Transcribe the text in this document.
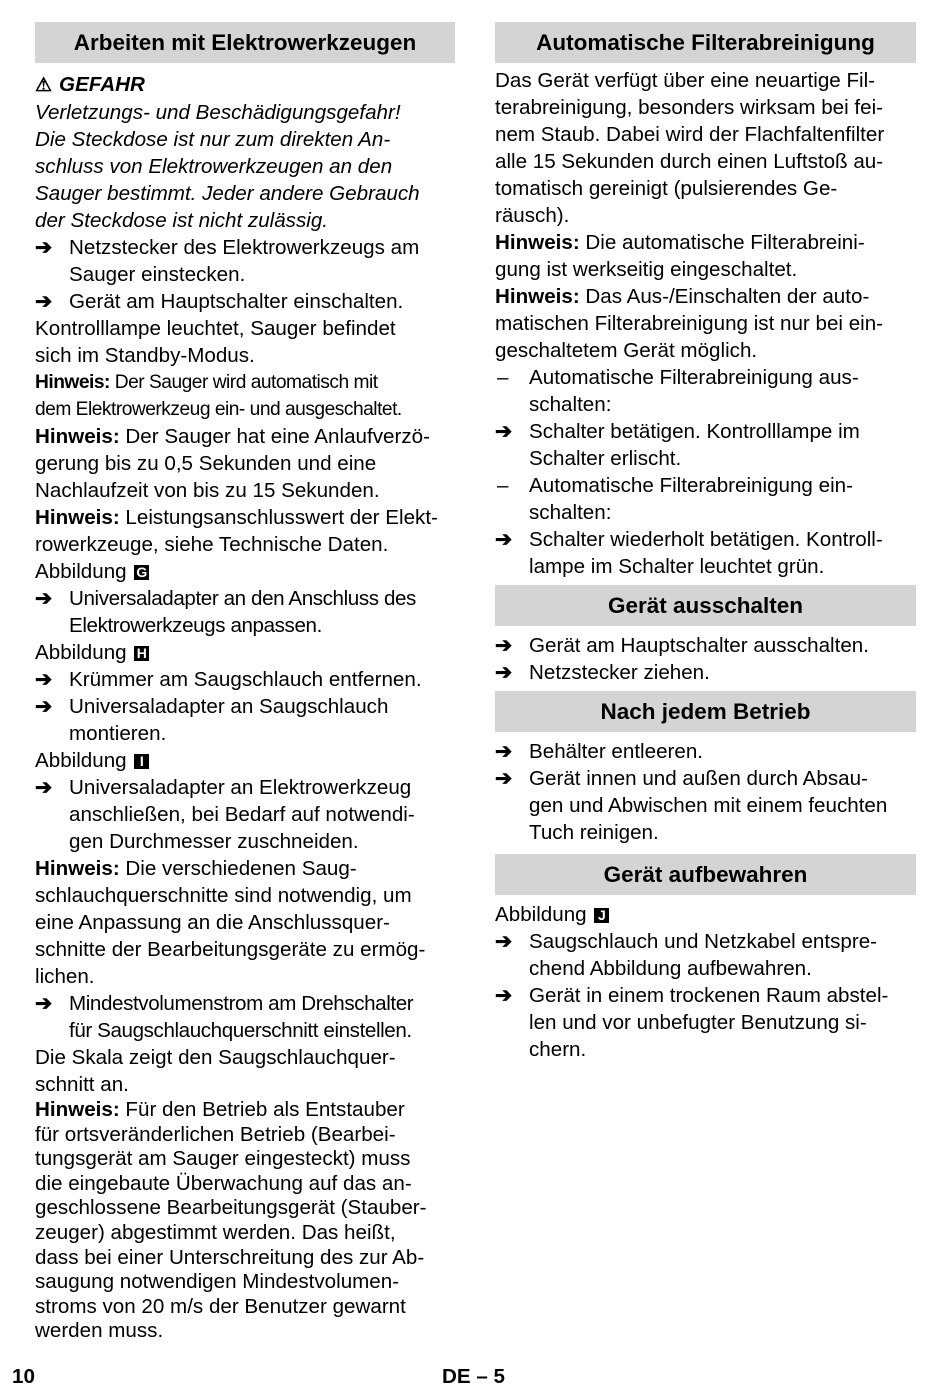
Arbeiten mit Elektrowerkzeugen

⚠ GEFAHR

Verletzungs- und Beschädigungsgefahr!
Die Steckdose ist nur zum direkten An-
schluss von Elektrowerkzeugen an den
Sauger bestimmt. Jeder andere Gebrauch
der Steckdose ist nicht zulässig.

➔ Netzstecker des Elektrowerkzeugs am
Sauger einstecken.

➔ Gerät am Hauptschalter einschalten.

Kontrolllampe leuchtet, Sauger befindet
sich im Standby-Modus.

Hinweis: Der Sauger wird automatisch mit
dem Elektrowerkzeug ein- und ausgeschaltet.

Hinweis: Der Sauger hat eine Anlaufverzö-
gerung bis zu 0,5 Sekunden und eine
Nachlaufzeit von bis zu 15 Sekunden.

Hinweis: Leistungsanschlusswert der Elekt-
rowerkzeuge, siehe Technische Daten.

Abbildung G

➔ Universaladapter an den Anschluss des
Elektrowerkzeugs anpassen.

Abbildung H

➔ Krümmer am Saugschlauch entfernen.

➔ Universaladapter an Saugschlauch
montieren.

Abbildung I

➔ Universaladapter an Elektrowerkzeug
anschließen, bei Bedarf auf notwendi-
gen Durchmesser zuschneiden.

Hinweis: Die verschiedenen Saug-
schlauchquerschnitte sind notwendig, um
eine Anpassung an die Anschlussquer-
schnitte der Bearbeitungsgeräte zu ermög-
lichen.

➔ Mindestvolumenstrom am Drehschalter
für Saugschlauchquerschnitt einstellen.

Die Skala zeigt den Saugschlauchquer-
schnitt an.

Hinweis: Für den Betrieb als Entstauber
für ortsveränderlichen Betrieb (Bearbei-
tungsgerät am Sauger eingesteckt) muss
die eingebaute Überwachung auf das an-
geschlossene Bearbeitungsgerät (Stauber-
zeuger) abgestimmt werden. Das heißt,
dass bei einer Unterschreitung des zur Ab-
saugung notwendigen Mindestvolumen-
stroms von 20 m/s der Benutzer gewarnt
werden muss.

Automatische Filterabreinigung

Das Gerät verfügt über eine neuartige Fil-
terabreinigung, besonders wirksam bei fei-
nem Staub. Dabei wird der Flachfaltenfilter
alle 15 Sekunden durch einen Luftstoß au-
tomatisch gereinigt (pulsierendes Ge-
räusch).

Hinweis: Die automatische Filterabreini-
gung ist werkseitig eingeschaltet.

Hinweis: Das Aus-/Einschalten der auto-
matischen Filterabreinigung ist nur bei ein-
geschaltetem Gerät möglich.

– Automatische Filterabreinigung aus-
schalten:

➔ Schalter betätigen. Kontrolllampe im
Schalter erlischt.

– Automatische Filterabreinigung ein-
schalten:

➔ Schalter wiederholt betätigen. Kontroll-
lampe im Schalter leuchtet grün.

Gerät ausschalten

➔ Gerät am Hauptschalter ausschalten.

➔ Netzstecker ziehen.

Nach jedem Betrieb

➔ Behälter entleeren.

➔ Gerät innen und außen durch Absau-
gen und Abwischen mit einem feuchten
Tuch reinigen.

Gerät aufbewahren

Abbildung J

➔ Saugschlauch und Netzkabel entspre-
chend Abbildung aufbewahren.

➔ Gerät in einem trockenen Raum abstel-
len und vor unbefugter Benutzung si-
chern.

10	DE – 5
